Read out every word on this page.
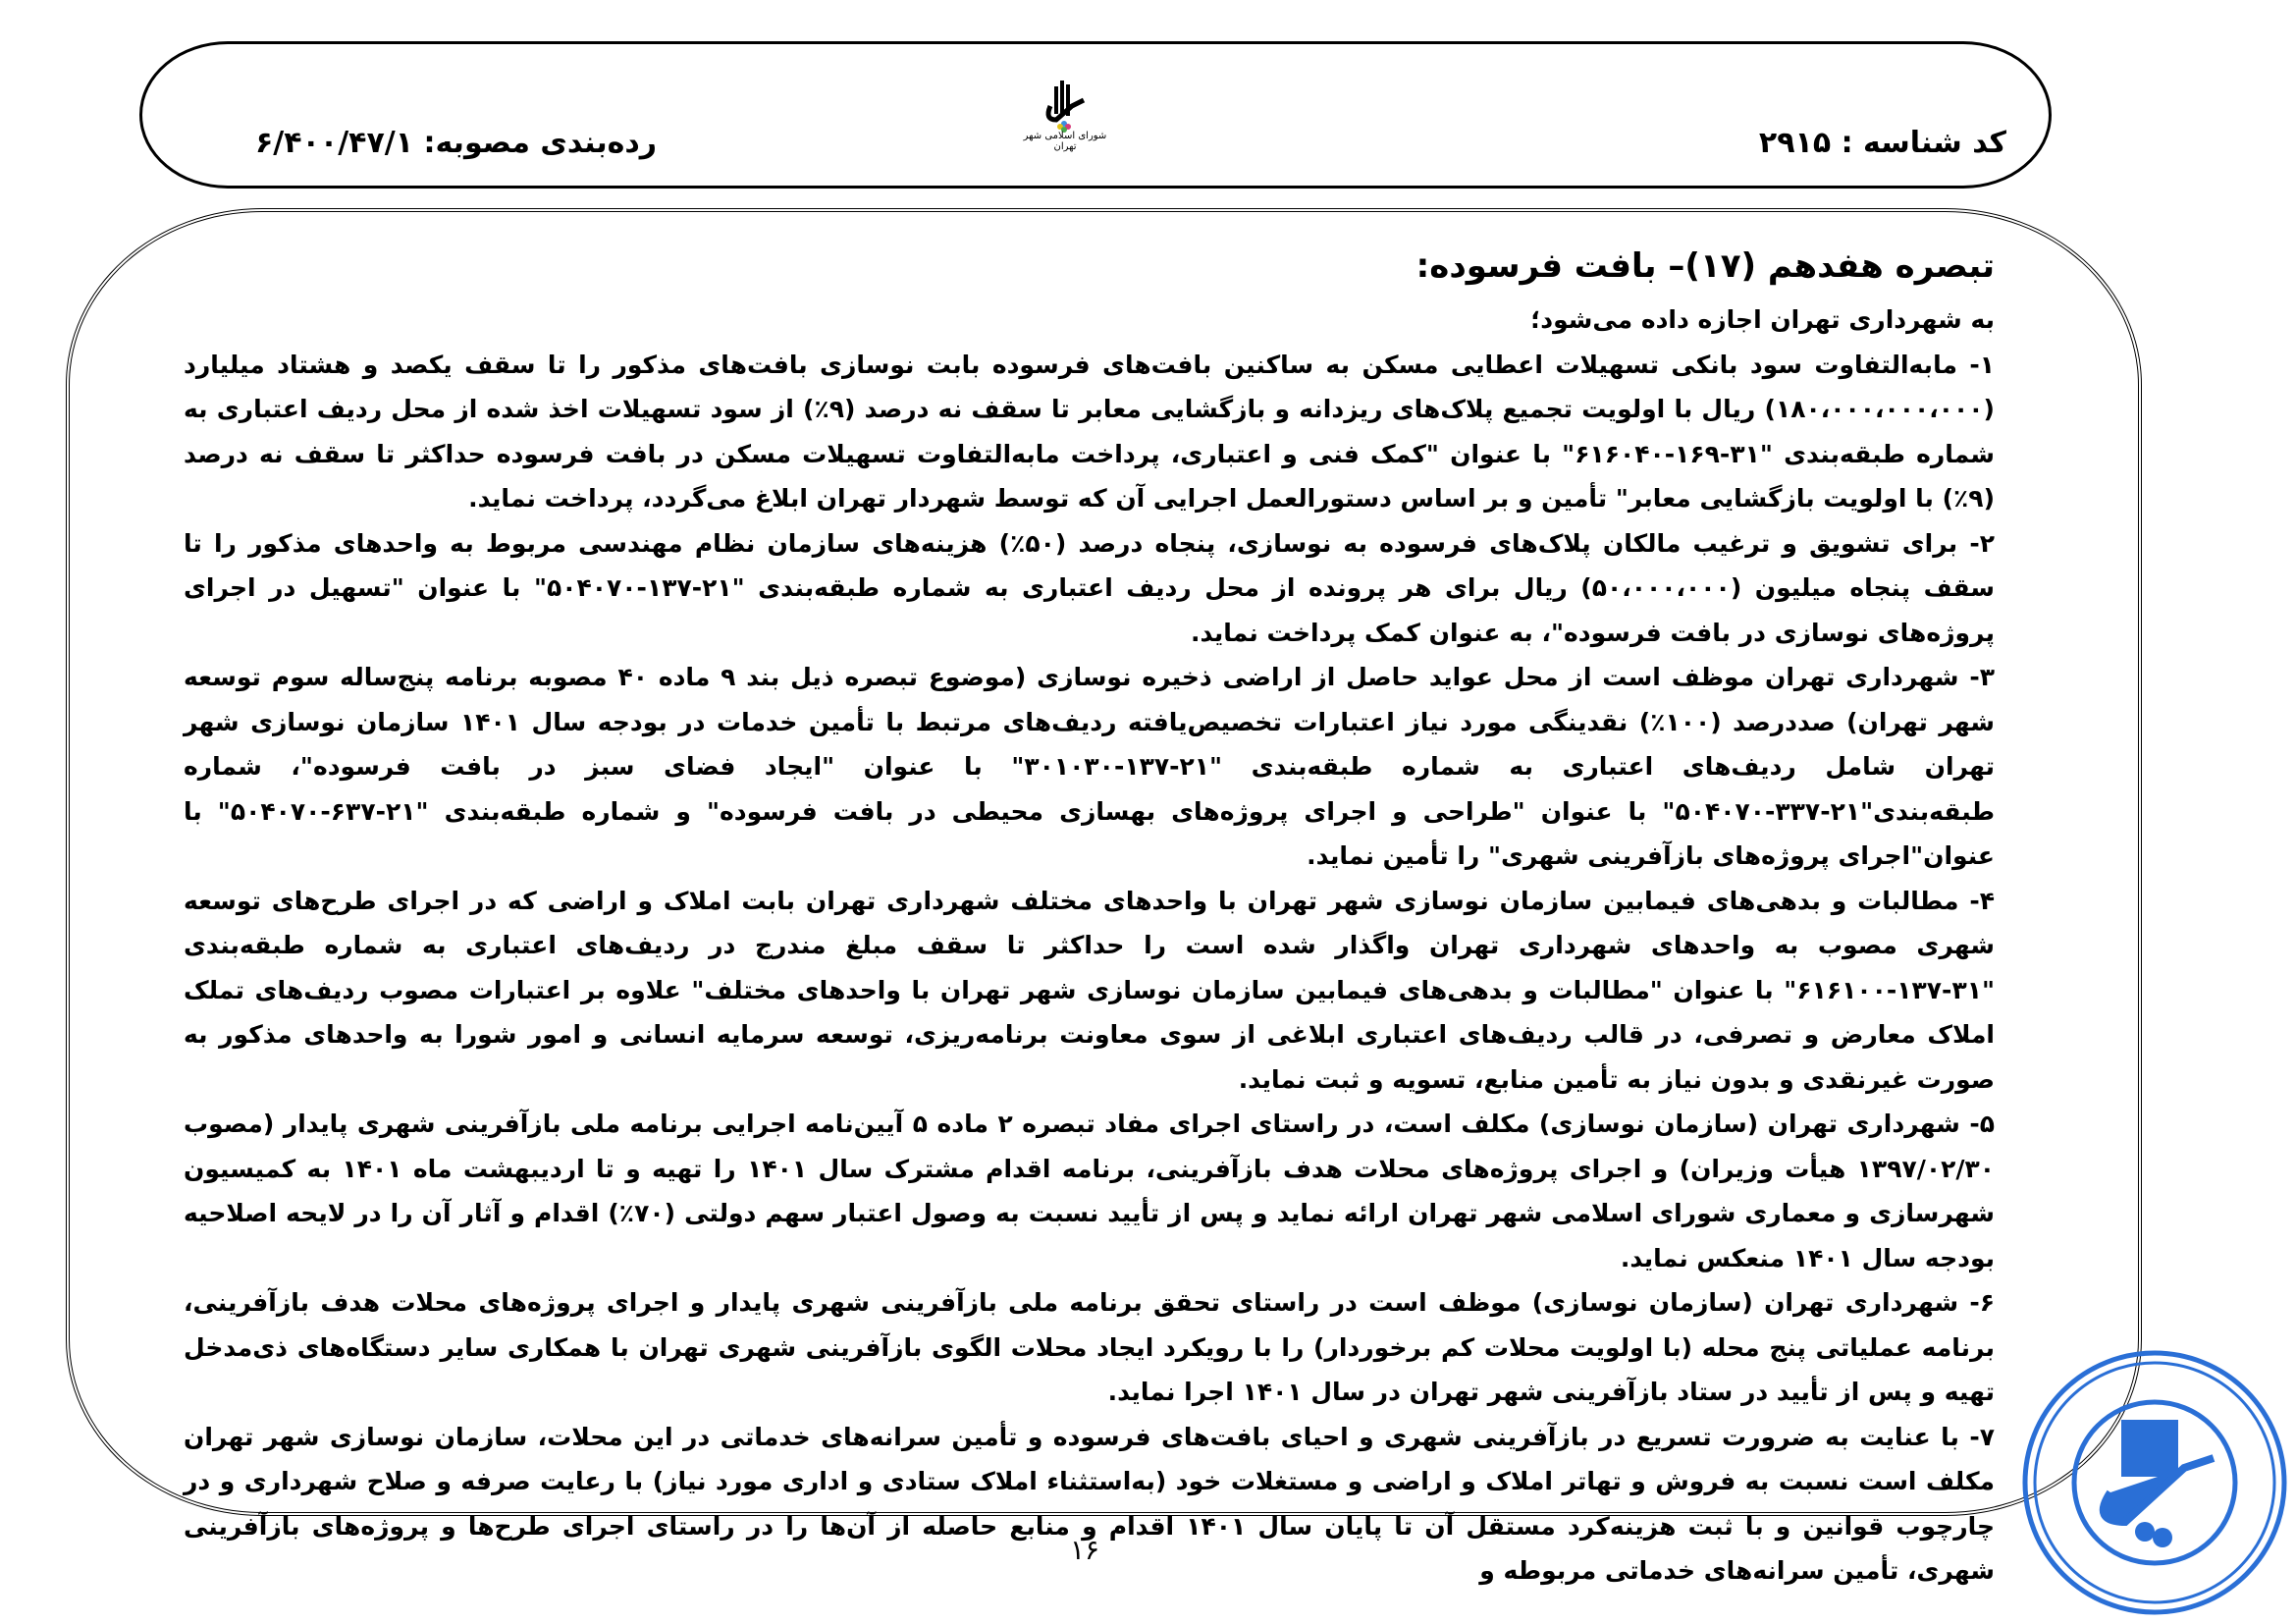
کد شناسه : ۲۹۱۵
رده‌بندی مصوبه: ۶/۴۰۰/۴۷/۱	شورای اسلامی شهر تهران
تبصره هفدهم (۱۷)– بافت فرسوده:

به شهرداری تهران اجازه داده می‌شود؛

۱- مابه‌التفاوت سود بانکی تسهیلات اعطایی مسکن به ساکنین بافت‌های فرسوده بابت نوسازی بافت‌های مذکور را تا سقف یکصد و هشتاد میلیارد (۱۸۰،۰۰۰،۰۰۰،۰۰۰) ریال با اولویت تجمیع پلاک‌های ریزدانه و بازگشایی معابر تا سقف نه درصد (۹٪) از سود تسهیلات اخذ شده از محل ردیف اعتباری به شماره طبقه‌بندی "۳۱-۱۶۹-۶۱۶۰۴۰" با عنوان "کمک فنی و اعتباری، پرداخت مابه‌التفاوت تسهیلات مسکن در بافت فرسوده حداکثر تا سقف نه درصد (۹٪) با اولویت بازگشایی معابر" تأمین و بر اساس دستورالعمل اجرایی آن که توسط شهردار تهران ابلاغ می‌گردد، پرداخت نماید.

۲- برای تشویق و ترغیب مالکان پلاک‌های فرسوده به نوسازی، پنجاه درصد (۵۰٪) هزینه‌های سازمان نظام مهندسی مربوط به واحدهای مذکور را تا سقف پنجاه میلیون (۵۰،۰۰۰،۰۰۰) ریال برای هر پرونده از محل ردیف اعتباری به شماره طبقه‌بندی "۲۱-۱۳۷-۵۰۴۰۷۰" با عنوان "تسهیل در اجرای پروژه‌های نوسازی در بافت فرسوده"، به عنوان کمک پرداخت نماید.

۳- شهرداری تهران موظف است از محل عواید حاصل از اراضی ذخیره نوسازی (موضوع تبصره ذیل بند ۹ ماده ۴۰ مصوبه برنامه پنج‌ساله سوم توسعه شهر تهران) صددرصد (۱۰۰٪) نقدینگی مورد نیاز اعتبارات تخصیص‌یافته ردیف‌های مرتبط با تأمین خدمات در بودجه سال ۱۴۰۱ سازمان نوسازی شهر تهران شامل ردیف‌های اعتباری به شماره طبقه‌بندی "۲۱-۱۳۷-۳۰۱۰۳۰" با عنوان "ایجاد فضای سبز در بافت فرسوده"، شماره طبقه‌بندی"۲۱-۳۳۷-۵۰۴۰۷۰" با عنوان "طراحی و اجرای پروژه‌های بهسازی محیطی در بافت فرسوده" و شماره طبقه‌بندی "۲۱-۶۳۷-۵۰۴۰۷۰" با عنوان"اجرای پروژه‌های بازآفرینی شهری" را تأمین نماید.

۴- مطالبات و بدهی‌های فیمابین سازمان نوسازی شهر تهران با واحدهای مختلف شهرداری تهران بابت املاک و اراضی که در اجرای طرح‌های توسعه شهری مصوب به واحدهای شهرداری تهران واگذار شده است را حداکثر تا سقف مبلغ مندرج در ردیف‌های اعتباری به شماره طبقه‌بندی "۳۱-۱۳۷-۶۱۶۱۰۰" با عنوان "مطالبات و بدهی‌های فیمابین سازمان نوسازی شهر تهران با واحدهای مختلف" علاوه بر اعتبارات مصوب ردیف‌های تملک املاک معارض و تصرفی، در قالب ردیف‌های اعتباری ابلاغی از سوی معاونت برنامه‌ریزی، توسعه سرمایه انسانی و امور شورا به واحدهای مذکور به صورت غیرنقدی و بدون نیاز به تأمین منابع، تسویه و ثبت نماید.

۵- شهرداری تهران (سازمان نوسازی) مکلف است، در راستای اجرای مفاد تبصره ۲ ماده ۵ آیین‌نامه اجرایی برنامه ملی بازآفرینی شهری پایدار (مصوب ۱۳۹۷/۰۲/۳۰ هیأت وزیران) و اجرای پروژه‌های محلات هدف بازآفرینی، برنامه اقدام مشترک سال ۱۴۰۱ را تهیه و تا اردیبهشت ماه ۱۴۰۱ به کمیسیون شهرسازی و معماری شورای اسلامی شهر تهران ارائه نماید و پس از تأیید نسبت به وصول اعتبار سهم دولتی (۷۰٪) اقدام و آثار آن را در لایحه اصلاحیه بودجه سال ۱۴۰۱ منعکس نماید.

۶- شهرداری تهران (سازمان نوسازی) موظف است در راستای تحقق برنامه ملی بازآفرینی شهری پایدار و اجرای پروژه‌های محلات هدف بازآفرینی، برنامه عملیاتی پنج محله (با اولویت محلات کم برخوردار) را با رویکرد ایجاد محلات الگوی بازآفرینی شهری تهران با همکاری سایر دستگاه‌های ذی‌مدخل تهیه و پس از تأیید در ستاد بازآفرینی شهر تهران در سال ۱۴۰۱ اجرا نماید.

۷- با عنایت به ضرورت تسریع در بازآفرینی شهری و احیای بافت‌های فرسوده و تأمین سرانه‌های خدماتی در این محلات، سازمان نوسازی شهر تهران مکلف است نسبت به فروش و تهاتر املاک و اراضی و مستغلات خود (به‌استثناء املاک ستادی و اداری مورد نیاز) با رعایت صرفه و صلاح شهرداری و در چارچوب قوانین و با ثبت هزینه‌کرد مستقل آن تا پایان سال ۱۴۰۱ اقدام و منابع حاصله از آن‌ها را در راستای اجرای طرح‌ها و پروژه‌های بازآفرینی شهری، تأمین سرانه‌های خدماتی مربوطه و

۱۶
